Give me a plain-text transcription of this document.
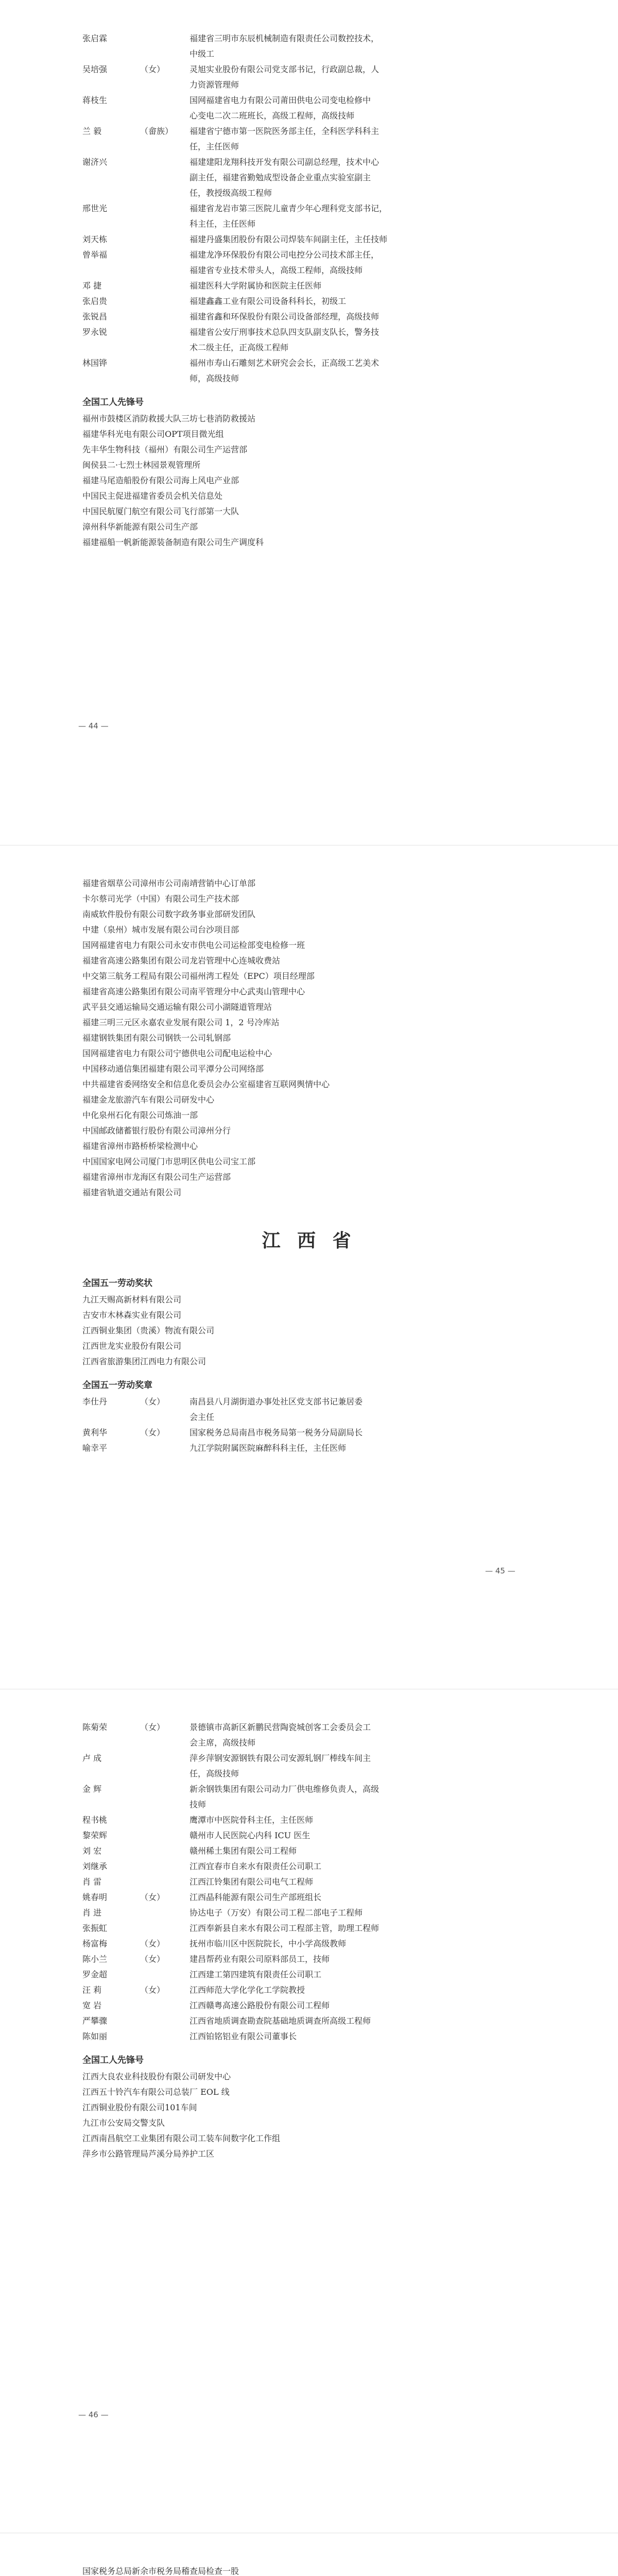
张启霖	福建省三明市东辰机械制造有限责任公司数控技术，
中级工
吴培强	（女）	灵旭实业股份有限公司党支部书记，行政副总裁，人
力资源管理师
蒋枝生	国网福建省电力有限公司莆田供电公司变电检修中
心变电二次二班班长，高级工程师，高级技师
兰 毅	（畲族）	福建省宁德市第一医院医务部主任，全科医学科科主
任，主任医师
谢济兴	福建建阳龙翔科技开发有限公司副总经理，技术中心
副主任，福建省勤勉成型设备企业重点实验室副主
任，教授级高级工程师
邢世光	福建省龙岩市第三医院儿童青少年心理科党支部书记，
科主任，主任医师
刘天栋	福建丹盛集团股份有限公司焊装车间副主任，主任技师
曾举福	福建龙净环保股份有限公司电控分公司技术部主任，
福建省专业技术带头人，高级工程师，高级技师
邓 捷	福建医科大学附属协和医院主任医师
张启贵	福建鑫鑫工业有限公司设备科科长，初级工
张锐昌	福建省鑫和环保股份有限公司设备部经理，高级技师
罗永锐	福建省公安厅刑事技术总队四支队副支队长，警务技
术二级主任，正高级工程师
林国铧	福州市寿山石雕刻艺术研究会会长，正高级工艺美术
师，高级技师
全国工人先锋号
福州市鼓楼区消防救援大队三坊七巷消防救援站
福建华科光电有限公司OPT项目微光组
先丰华生物科技（福州）有限公司生产运营部
闽侯县二·七烈士林园景观管理所
福建马尾造船股份有限公司海上风电产业部
中国民主促进福建省委员会机关信息处
中国民航厦门航空有限公司飞行部第一大队
漳州科华新能源有限公司生产部
福建福船一帆新能源装备制造有限公司生产调度科
— 44 —
福建省烟草公司漳州市公司南靖营销中心订单部
卡尔蔡司光学（中国）有限公司生产技术部
南威软件股份有限公司数字政务事业部研发团队
中建（泉州）城市发展有限公司台沙项目部
国网福建省电力有限公司永安市供电公司运检部变电检修一班
福建省高速公路集团有限公司龙岩管理中心连城收费站
中交第三航务工程局有限公司福州湾工程处（EPC）项目经理部
福建省高速公路集团有限公司南平管理分中心武夷山管理中心
武平县交通运输局交通运输有限公司小湖隧道管理站
福建三明三元区永嘉农业发展有限公司 1，2 号冷库站
福建钢铁集团有限公司钢铁一公司轧钢部
国网福建省电力有限公司宁德供电公司配电运检中心
中国移动通信集团福建有限公司平潭分公司网络部
中共福建省委网络安全和信息化委员会办公室福建省互联网舆情中心
福建金龙旅游汽车有限公司研发中心
中化泉州石化有限公司炼油一部
中国邮政储蓄银行股份有限公司漳州分行
福建省漳州市路桥桥梁检测中心
中国国家电网公司厦门市思明区供电公司宝工部
福建省漳州市龙海区有限公司生产运营部
福建省轨道交通站有限公司
江 西 省
全国五一劳动奖状
九江天赐高新材料有限公司
吉安市木林森实业有限公司
江西铜业集团（贵溪）物流有限公司
江西世龙实业股份有限公司
江西省旅游集团江西电力有限公司
全国五一劳动奖章
李仕丹	（女）	南昌县八月湖街道办事处社区党支部书记兼居委
会主任
黄利华	（女）	国家税务总局南昌市税务局第一税务分局副局长
喻幸平	九江学院附属医院麻醉科科主任，主任医师
— 45 —
陈菊荣	（女）	景德镇市高新区新鹏民营陶瓷城创客工会委员会工
会主席，高级技师
卢 成	萍乡萍钢安源钢铁有限公司安源轧钢厂棒线车间主
任，高级技师
金 辉	新余钢铁集团有限公司动力厂供电维修负责人，高级
技师
程书桃	鹰潭市中医院骨科主任，主任医师
黎荣辉	赣州市人民医院心内科 ICU 医生
刘 宏	赣州稀土集团有限公司工程师
刘继承	江西宜春市自来水有限责任公司职工
肖 雷	江西江铃集团有限公司电气工程师
姚春明	（女）	江西晶科能源有限公司生产部班组长
肖 进	协达电子（万安）有限公司工程二部电子工程师
张振虹	江西奉新县自来水有限公司工程部主管，助理工程师
杨富梅	（女）	抚州市临川区中医院院长，中小学高级教师
陈小兰	（女）	建昌帮药业有限公司原料部员工，技师
罗金超	江西建工第四建筑有限责任公司职工
汪 莉	（女）	江西师范大学化学化工学院教授
宽 岩	江西赣粤高速公路股份有限公司工程师
严攀骤	江西省地质调查勘查院基础地质调查所高级工程师
陈如丽	江西铂铭铝业有限公司董事长
全国工人先锋号
江西大良农业科技股份有限公司研发中心
江西五十铃汽车有限公司总装厂 EOL 线
江西铜业股份有限公司101车间
九江市公安局交警支队
江西南昌航空工业集团有限公司工装车间数字化工作组
萍乡市公路管理局芦溪分局养护工区
— 46 —
国家税务总局新余市税务局稽查局检查一股
